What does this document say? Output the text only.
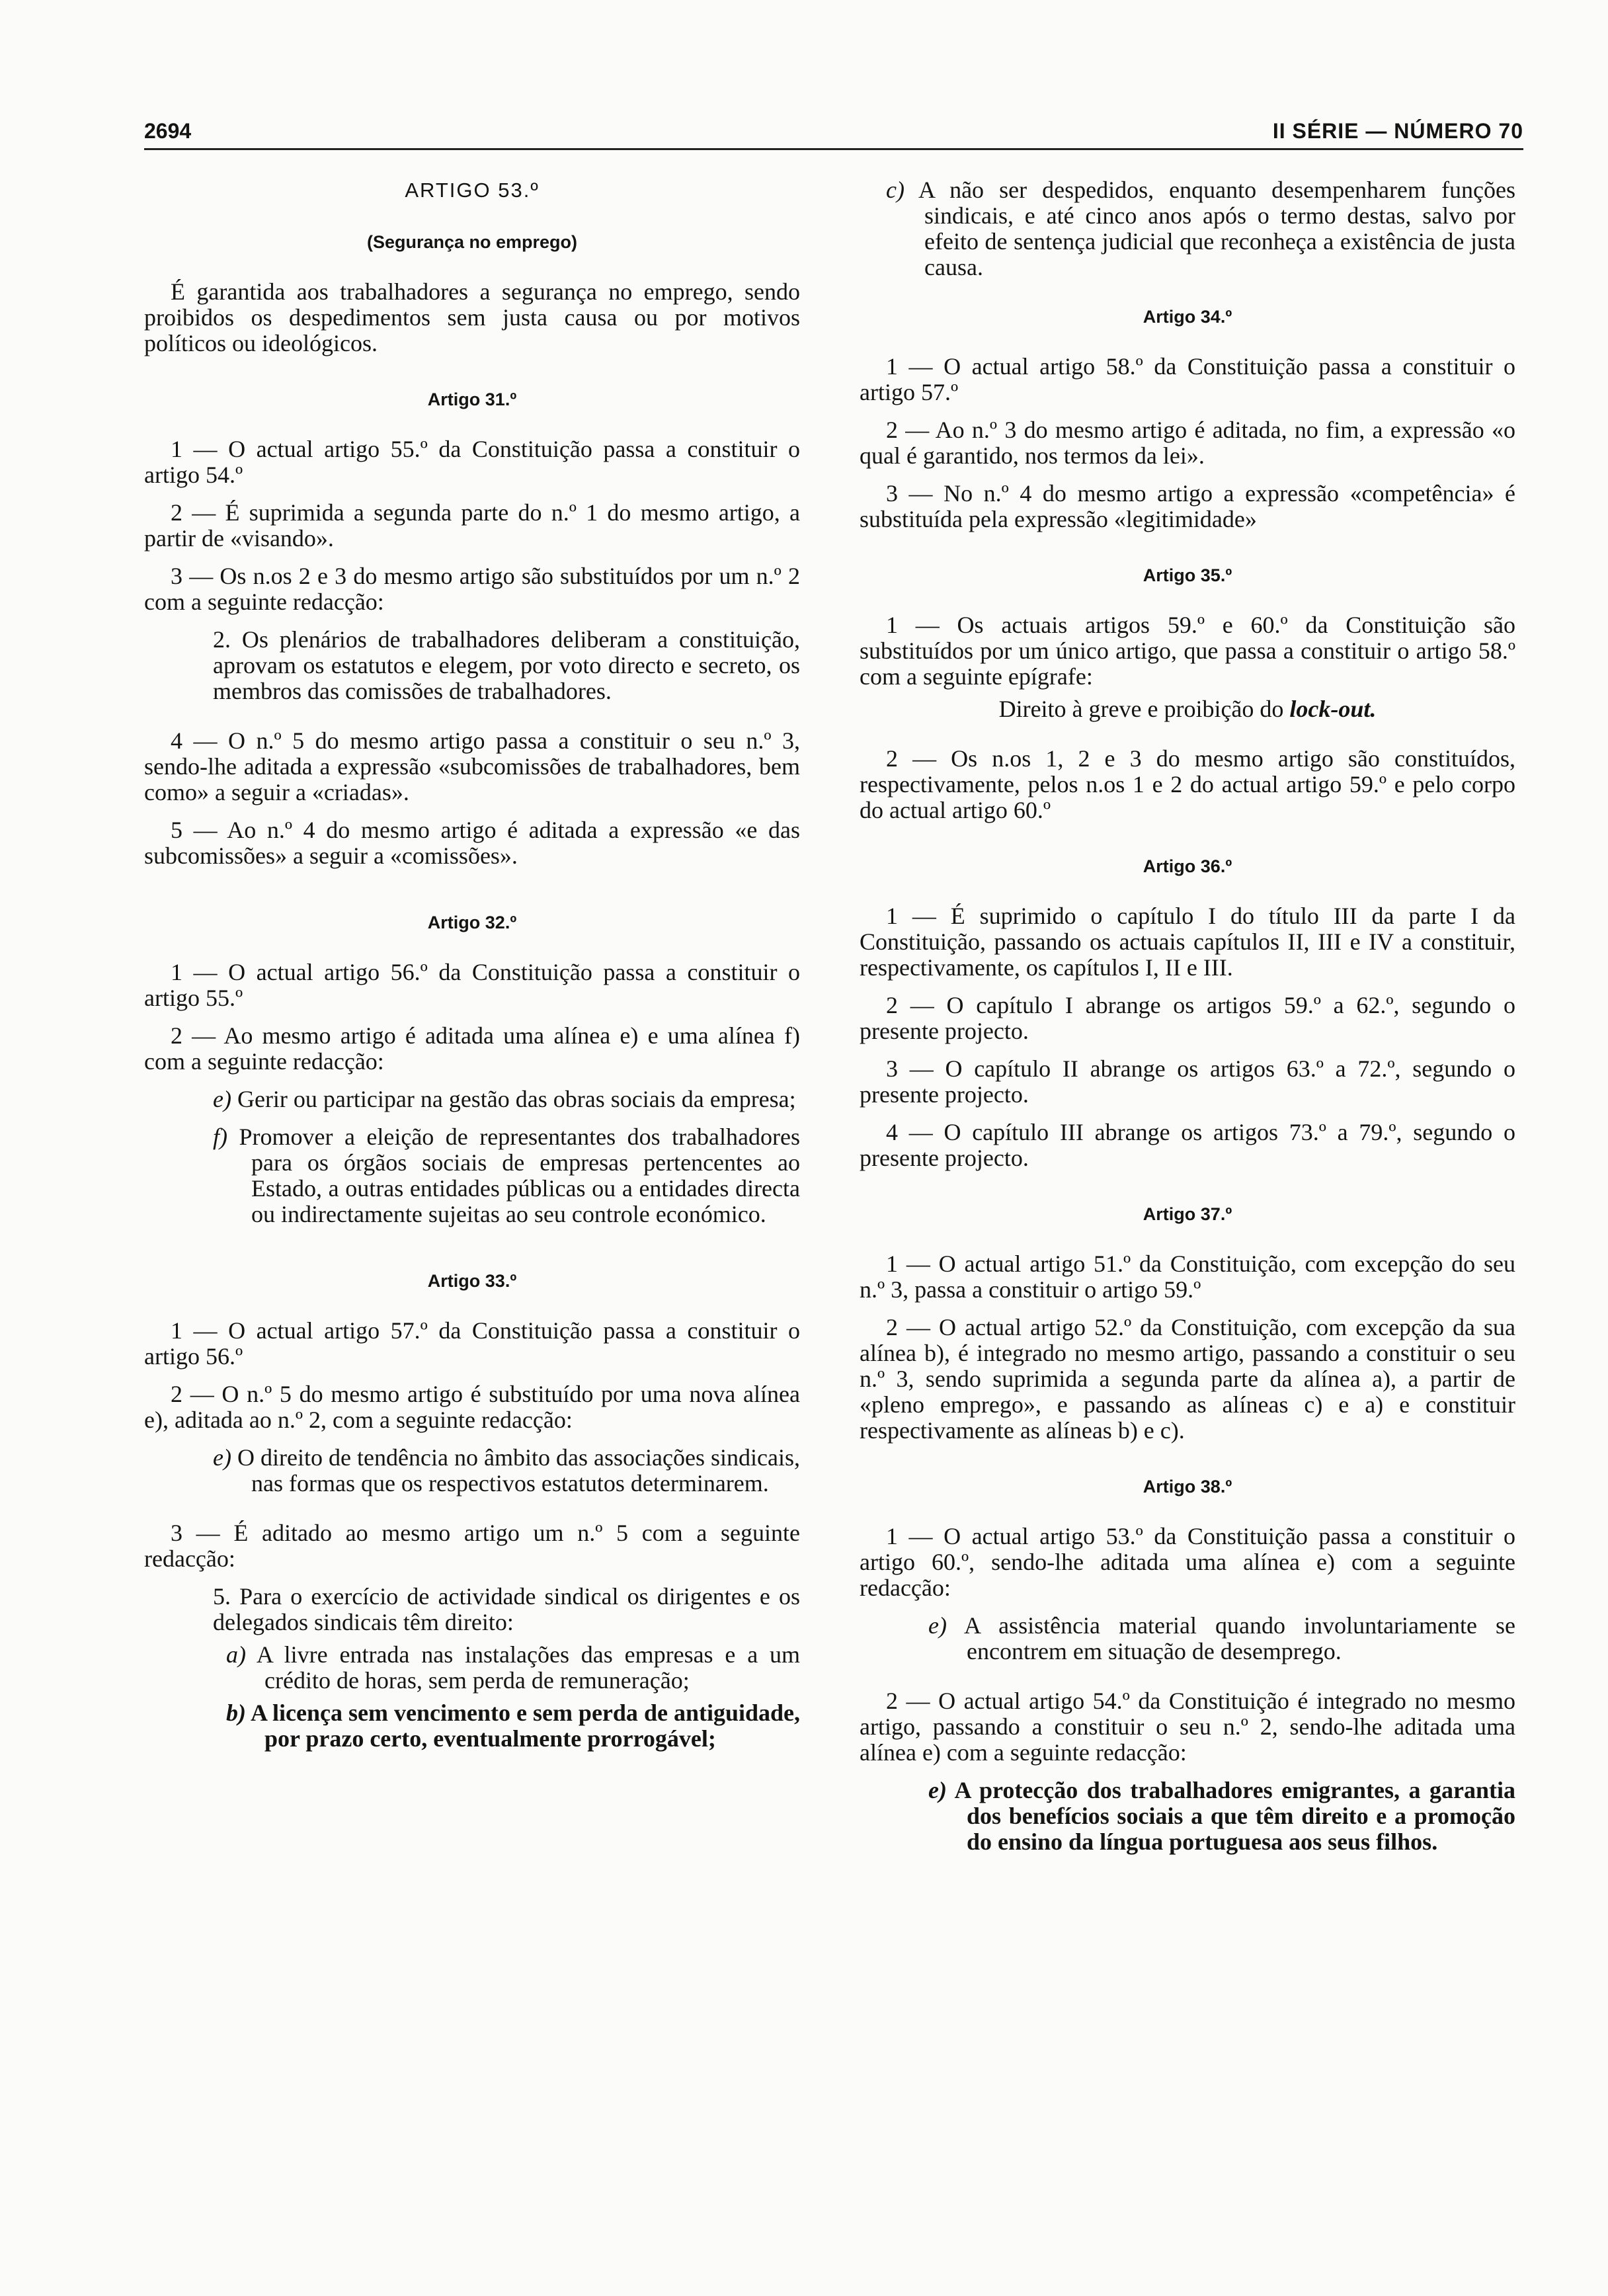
2694	II SÉRIE — NÚMERO 70

ARTIGO 53.º

(Segurança no emprego)

É garantida aos trabalhadores a segurança no emprego, sendo proibidos os despedimentos sem justa causa ou por motivos políticos ou ideológicos.

Artigo 31.º

1 — O actual artigo 55.º da Constituição passa a constituir o artigo 54.º

2 — É suprimida a segunda parte do n.º 1 do mesmo artigo, a partir de «visando».

3 — Os n.os 2 e 3 do mesmo artigo são substituídos por um n.º 2 com a seguinte redacção:

2. Os plenários de trabalhadores deliberam a constituição, aprovam os estatutos e elegem, por voto directo e secreto, os membros das comissões de trabalhadores.

4 — O n.º 5 do mesmo artigo passa a constituir o seu n.º 3, sendo-lhe aditada a expressão «subcomissões de trabalhadores, bem como» a seguir a «criadas».

5 — Ao n.º 4 do mesmo artigo é aditada a expressão «e das subcomissões» a seguir a «comissões».

Artigo 32.º

1 — O actual artigo 56.º da Constituição passa a constituir o artigo 55.º

2 — Ao mesmo artigo é aditada uma alínea e) e uma alínea f) com a seguinte redacção:

e) Gerir ou participar na gestão das obras sociais da empresa;

f) Promover a eleição de representantes dos trabalhadores para os órgãos sociais de empresas pertencentes ao Estado, a outras entidades públicas ou a entidades directa ou indirectamente sujeitas ao seu controle económico.

Artigo 33.º

1 — O actual artigo 57.º da Constituição passa a constituir o artigo 56.º

2 — O n.º 5 do mesmo artigo é substituído por uma nova alínea e), aditada ao n.º 2, com a seguinte redacção:

e) O direito de tendência no âmbito das associações sindicais, nas formas que os respectivos estatutos determinarem.

3 — É aditado ao mesmo artigo um n.º 5 com a seguinte redacção:

5. Para o exercício de actividade sindical os dirigentes e os delegados sindicais têm direito:

a) A livre entrada nas instalações das empresas e a um crédito de horas, sem perda de remuneração;

b) A licença sem vencimento e sem perda de antiguidade, por prazo certo, eventualmente prorrogável;

c) A não ser despedidos, enquanto desempenharem funções sindicais, e até cinco anos após o termo destas, salvo por efeito de sentença judicial que reconheça a existência de justa causa.

Artigo 34.º

1 — O actual artigo 58.º da Constituição passa a constituir o artigo 57.º

2 — Ao n.º 3 do mesmo artigo é aditada, no fim, a expressão «o qual é garantido, nos termos da lei».

3 — No n.º 4 do mesmo artigo a expressão «competência» é substituída pela expressão «legitimidade»

Artigo 35.º

1 — Os actuais artigos 59.º e 60.º da Constituição são substituídos por um único artigo, que passa a constituir o artigo 58.º com a seguinte epígrafe:

Direito à greve e proibição do lock-out.

2 — Os n.os 1, 2 e 3 do mesmo artigo são constituídos, respectivamente, pelos n.os 1 e 2 do actual artigo 59.º e pelo corpo do actual artigo 60.º

Artigo 36.º

1 — É suprimido o capítulo I do título III da parte I da Constituição, passando os actuais capítulos II, III e IV a constituir, respectivamente, os capítulos I, II e III.

2 — O capítulo I abrange os artigos 59.º a 62.º, segundo o presente projecto.

3 — O capítulo II abrange os artigos 63.º a 72.º, segundo o presente projecto.

4 — O capítulo III abrange os artigos 73.º a 79.º, segundo o presente projecto.

Artigo 37.º

1 — O actual artigo 51.º da Constituição, com excepção do seu n.º 3, passa a constituir o artigo 59.º

2 — O actual artigo 52.º da Constituição, com excepção da sua alínea b), é integrado no mesmo artigo, passando a constituir o seu n.º 3, sendo suprimida a segunda parte da alínea a), a partir de «pleno emprego», e passando as alíneas c) e a) e constituir respectivamente as alíneas b) e c).

Artigo 38.º

1 — O actual artigo 53.º da Constituição passa a constituir o artigo 60.º, sendo-lhe aditada uma alínea e) com a seguinte redacção:

e) A assistência material quando involuntariamente se encontrem em situação de desemprego.

2 — O actual artigo 54.º da Constituição é integrado no mesmo artigo, passando a constituir o seu n.º 2, sendo-lhe aditada uma alínea e) com a seguinte redacção:

e) A protecção dos trabalhadores emigrantes, a garantia dos benefícios sociais a que têm direito e a promoção do ensino da língua portuguesa aos seus filhos.
